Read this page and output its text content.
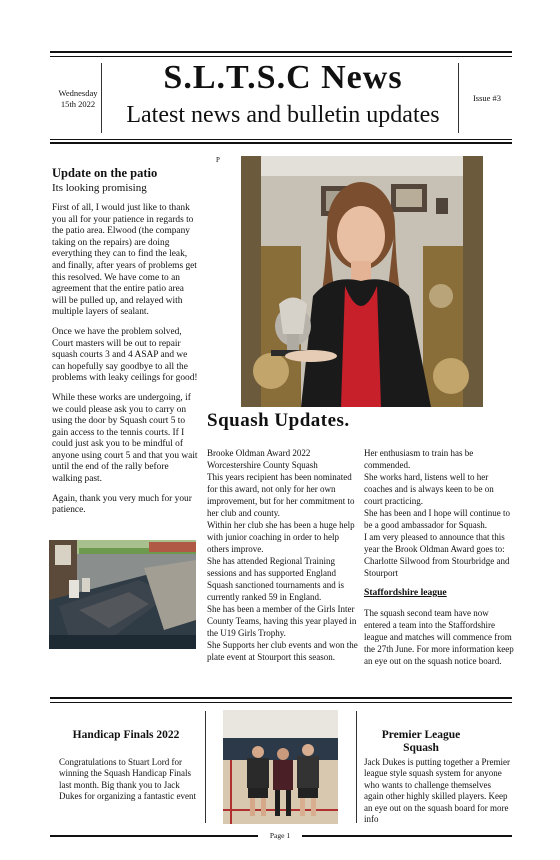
Wednesday
15th 2022
S.L.T.S.C News
Latest news and bulletin updates
Issue #3
Update on the patio
Its looking promising

First of all, I would just like to thank you all for your patience in regards to the patio area. Elwood (the company taking on the repairs) are doing everything they can to find the leak, and finally, after years of problems get this resolved. We have come to an agreement that the entire patio area will be pulled up, and relayed with multiple layers of sealant.

Once we have the problem solved, Court masters will be out to repair squash courts 3 and 4 ASAP and we can hopefully say goodbye to all the problems with leaky ceilings for good!

While these works are undergoing, if we could please ask you to carry on using the door by Squash court 5 to gain access to the tennis courts. If I could just ask you to be mindful of anyone using court 5 and that you wait until the end of the rally before walking past.

Again, thank you very much for your patience.

P
Squash Updates.
Brooke Oldman Award 2022
Worcestershire County Squash
This years recipient has been nominated for this award, not only for her own improvement, but for her commitment to her club and county.
Within her club she has been a huge help with junior coaching in order to help others improve.
She has attended Regional Training sessions and has supported England Squash sanctioned tournaments and is currently ranked 59 in England.
She has been a member of the Girls Inter County Teams, having this year played in the U19 Girls Trophy.
She Supports her club events and won the plate event at Stourport this season.
Her enthusiasm to train has be commended.
She works hard, listens well to her coaches and is always keen to be on court practicing.
She has been and I hope will continue to be a good ambassador for Squash.
I am very pleased to announce that this year the Brook Oldman Award goes to: Charlotte Silwood from Stourbridge and Stourport
Staffordshire league

The squash second team have now entered a team into the Staffordshire league and matches will commence from the 27th June. For more information keep an eye out on the squash notice board.

Handicap Finals 2022
Congratulations to Stuart Lord for winning the Squash Handicap Finals last month. Big thank you to Jack Dukes for organizing a fantastic event
Premier League Squash
Jack Dukes is putting together a Premier league style squash system for anyone who wants to challenge themselves again other highly skilled players. Keep an eye out on the squash board for more info
Page 1
